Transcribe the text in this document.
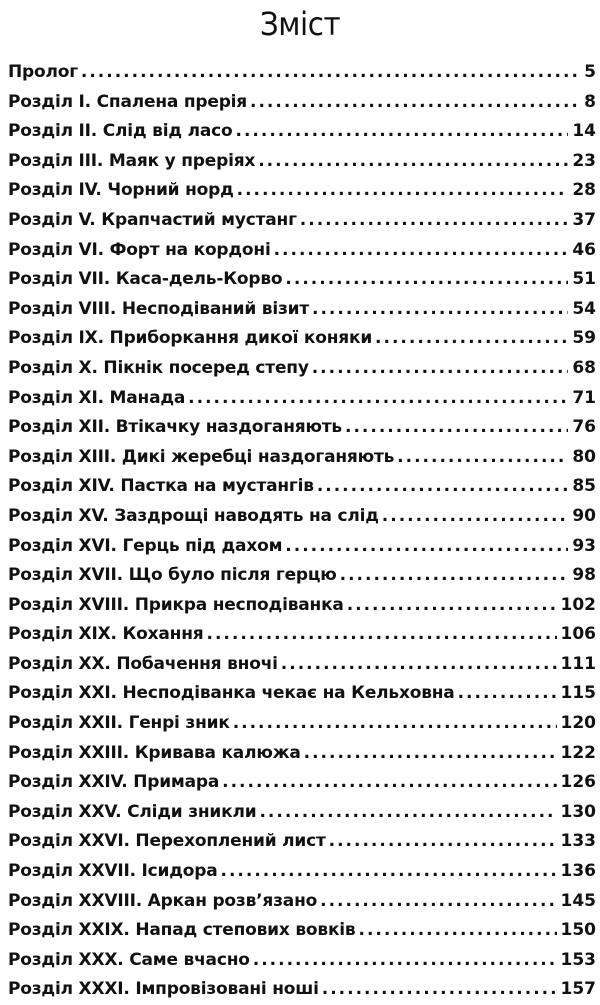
Зміст
Пролог .....	5
Розділ І. Спалена прерія .....	8
Розділ II. Слід від ласо .....	14
Розділ III. Маяк у преріях .....	23
Розділ IV. Чорний норд .....	28
Розділ V. Крапчастий мустанг .....	37
Розділ VI. Форт на кордоні .....	46
Розділ VII. Каса-дель-Корво .....	51
Розділ VIII. Несподіваний візит .....	54
Розділ IX. Приборкання дикої коняки .....	59
Розділ X. Пікнік посеред степу .....	68
Розділ XI. Манада .....	71
Розділ XII. Втікачку наздоганяють .....	76
Розділ XIII. Дикі жеребці наздоганяють .....	80
Розділ XIV. Пастка на мустангів .....	85
Розділ XV. Заздрощі наводять на слід .....	90
Розділ XVI. Герць під дахом .....	93
Розділ XVII. Що було після герцю .....	98
Розділ XVIII. Прикра несподіванка .....	102
Розділ XIX. Кохання .....	106
Розділ XX. Побачення вночі .....	111
Розділ XXI. Несподіванка чекає на Кельховна .....	115
Розділ XXII. Генрі зник .....	120
Розділ XXIII. Кривава калюжа .....	122
Розділ XXIV. Примара .....	126
Розділ XXV. Сліди зникли .....	130
Розділ XXVI. Перехоплений лист .....	133
Розділ XXVII. Ісидора .....	136
Розділ XXVIII. Аркан розв’язано .....	145
Розділ XXIX. Напад степових вовків .....	150
Розділ XXX. Саме вчасно .....	153
Розділ XXXI. Імпровізовані ноші .....	157
